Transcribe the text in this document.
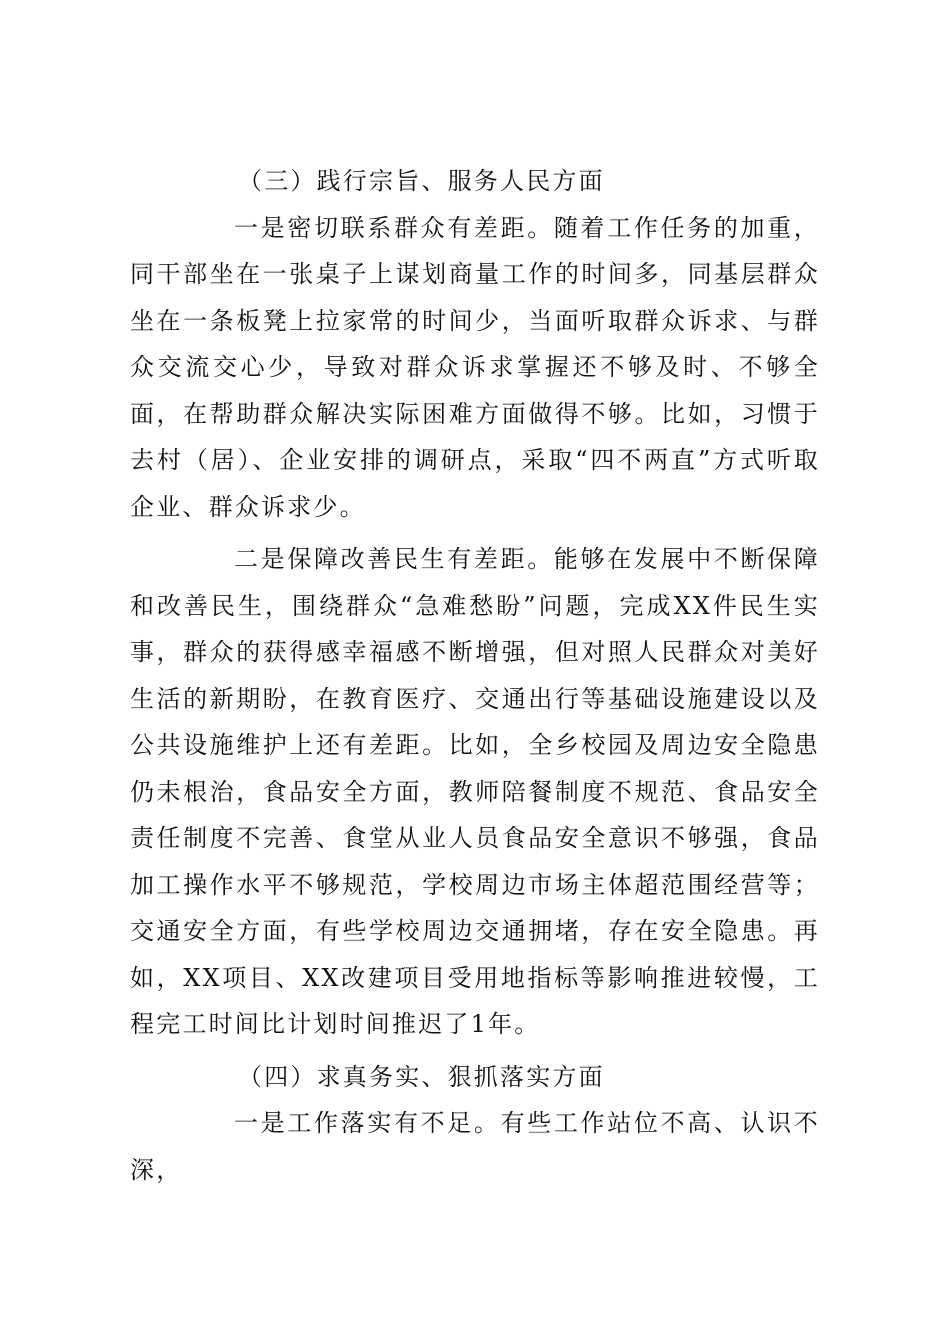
（三）践行宗旨、服务人民方面

一是密切联系群众有差距。随着工作任务的加重，同干部坐在一张桌子上谋划商量工作的时间多，同基层群众坐在一条板凳上拉家常的时间少，当面听取群众诉求、与群众交流交心少，导致对群众诉求掌握还不够及时、不够全面，在帮助群众解决实际困难方面做得不够。比如，习惯于去村（居）、企业安排的调研点，采取“四不两直”方式听取企业、群众诉求少。

二是保障改善民生有差距。能够在发展中不断保障和改善民生，围绕群众“急难愁盼”问题，完成XX件民生实事，群众的获得感幸福感不断增强，但对照人民群众对美好生活的新期盼，在教育医疗、交通出行等基础设施建设以及公共设施维护上还有差距。比如，全乡校园及周边安全隐患仍未根治，食品安全方面，教师陪餐制度不规范、食品安全责任制度不完善、食堂从业人员食品安全意识不够强，食品加工操作水平不够规范，学校周边市场主体超范围经营等；交通安全方面，有些学校周边交通拥堵，存在安全隐患。再如，XX项目、XX改建项目受用地指标等影响推进较慢，工程完工时间比计划时间推迟了1年。

（四）求真务实、狠抓落实方面

一是工作落实有不足。有些工作站位不高、认识不深，
